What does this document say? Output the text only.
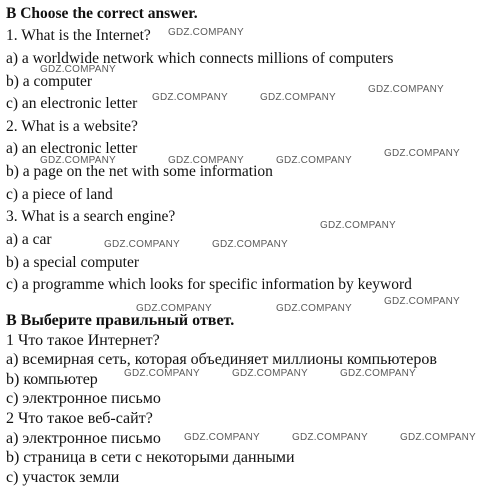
B Choose the correct answer.
1. What is the Internet?
a) a worldwide network which connects millions of computers
b) a computer
c) an electronic letter
2. What is a website?
a) an electronic letter
b) a page on the net with some information
c) a piece of land
3. What is a search engine?
a) a car
b) a special computer
c) a programme which looks for specific information by keyword
В Выберите правильный ответ.
1 Что такое Интернет?
а) всемирная сеть, которая объединяет миллионы компьютеров
b) компьютер
с) электронное письмо
2 Что такое веб-сайт?
а) электронное письмо
b) страница в сети с некоторыми данными
с) участок земли
GDZ.COMPANY
GDZ.COMPANY
GDZ.COMPANY
GDZ.COMPANY	GDZ.COMPANY
GDZ.COMPANY
GDZ.COMPANY	GDZ.COMPANY	GDZ.COMPANY
GDZ.COMPANY
GDZ.COMPANY	GDZ.COMPANY
GDZ.COMPANY
GDZ.COMPANY	GDZ.COMPANY
GDZ.COMPANY	GDZ.COMPANY	GDZ.COMPANY
GDZ.COMPANY	GDZ.COMPANY	GDZ.COMPANY
